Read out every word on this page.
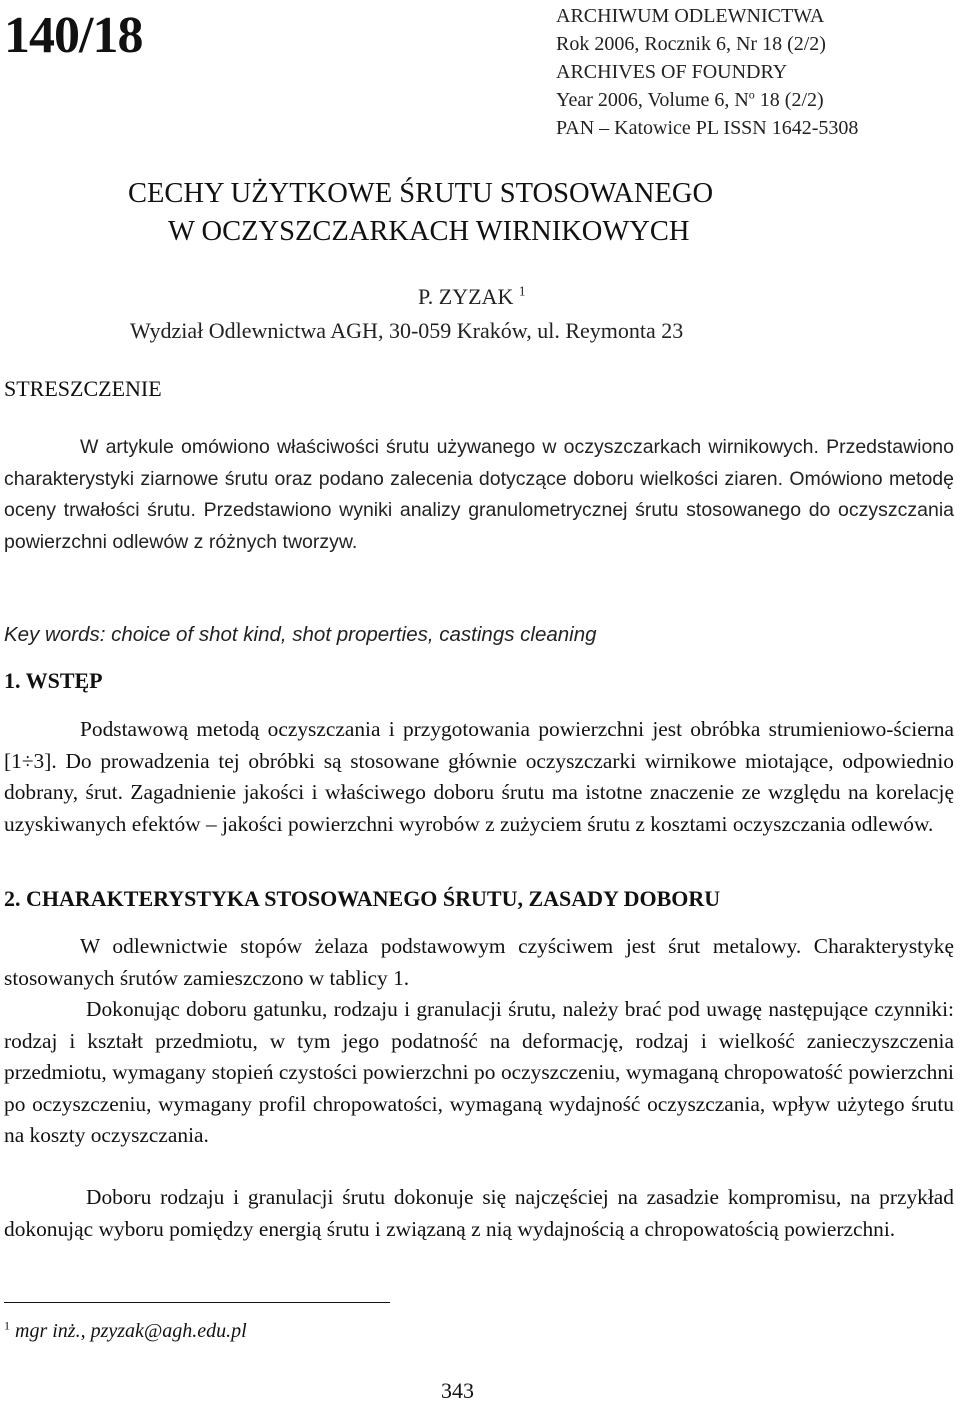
140/18	ARCHIWUM ODLEWNICTWA
Rok 2006, Rocznik 6, Nr 18 (2/2)
ARCHIVES OF FOUNDRY
Year 2006, Volume 6, $N^o$ 18 (2/2)
PAN – Katowice PL ISSN 1642-5308
CECHY UŻYTKOWE ŚRUTU STOSOWANEGO
W OCZYSZCZARKACH WIRNIKOWYCH
P. ZYZAK $^1$
Wydział Odlewnictwa AGH, 30-059 Kraków, ul. Reymonta 23
STRESZCZENIE
W artykule omówiono właściwości śrutu używanego w oczyszczarkach wirnikowych. Przedstawiono charakterystyki ziarnowe śrutu oraz podano zalecenia dotyczące doboru wielkości ziaren. Omówiono metodę oceny trwałości śrutu. Przedstawiono wyniki analizy granulometrycznej śrutu stosowanego do oczyszczania powierzchni odlewów z różnych tworzyw.
Key words: choice of shot kind, shot properties, castings cleaning
1. WSTĘP
Podstawową metodą oczyszczania i przygotowania powierzchni jest obróbka strumieniowo-ścierna [1÷3]. Do prowadzenia tej obróbki są stosowane głównie oczyszczarki wirnikowe miotające, odpowiednio dobrany, śrut. Zagadnienie jakości i właściwego doboru śrutu ma istotne znaczenie ze względu na korelację uzyskiwanych efektów – jakości powierzchni wyrobów z zużyciem śrutu z kosztami oczyszczania odlewów.
2. CHARAKTERYSTYKA STOSOWANEGO ŚRUTU, ZASADY DOBORU
W odlewnictwie stopów żelaza podstawowym czyściwem jest śrut metalowy. Charakterystykę stosowanych śrutów zamieszczono w tablicy 1.
Dokonując doboru gatunku, rodzaju i granulacji śrutu, należy brać pod uwagę następujące czynniki: rodzaj i kształt przedmiotu, w tym jego podatność na deformację, rodzaj i wielkość zanieczyszczenia przedmiotu, wymagany stopień czystości powierzchni po oczyszczeniu, wymaganą chropowatość powierzchni po oczyszczeniu, wymagany profil chropowatości, wymaganą wydajność oczyszczania, wpływ użytego śrutu na koszty oczyszczania.
Doboru rodzaju i granulacji śrutu dokonuje się najczęściej na zasadzie kompromisu, na przykład dokonując wyboru pomiędzy energią śrutu i związaną z nią wydajnością a chropowatością powierzchni.
$^1$ mgr inż., pzyzak@agh.edu.pl
343
